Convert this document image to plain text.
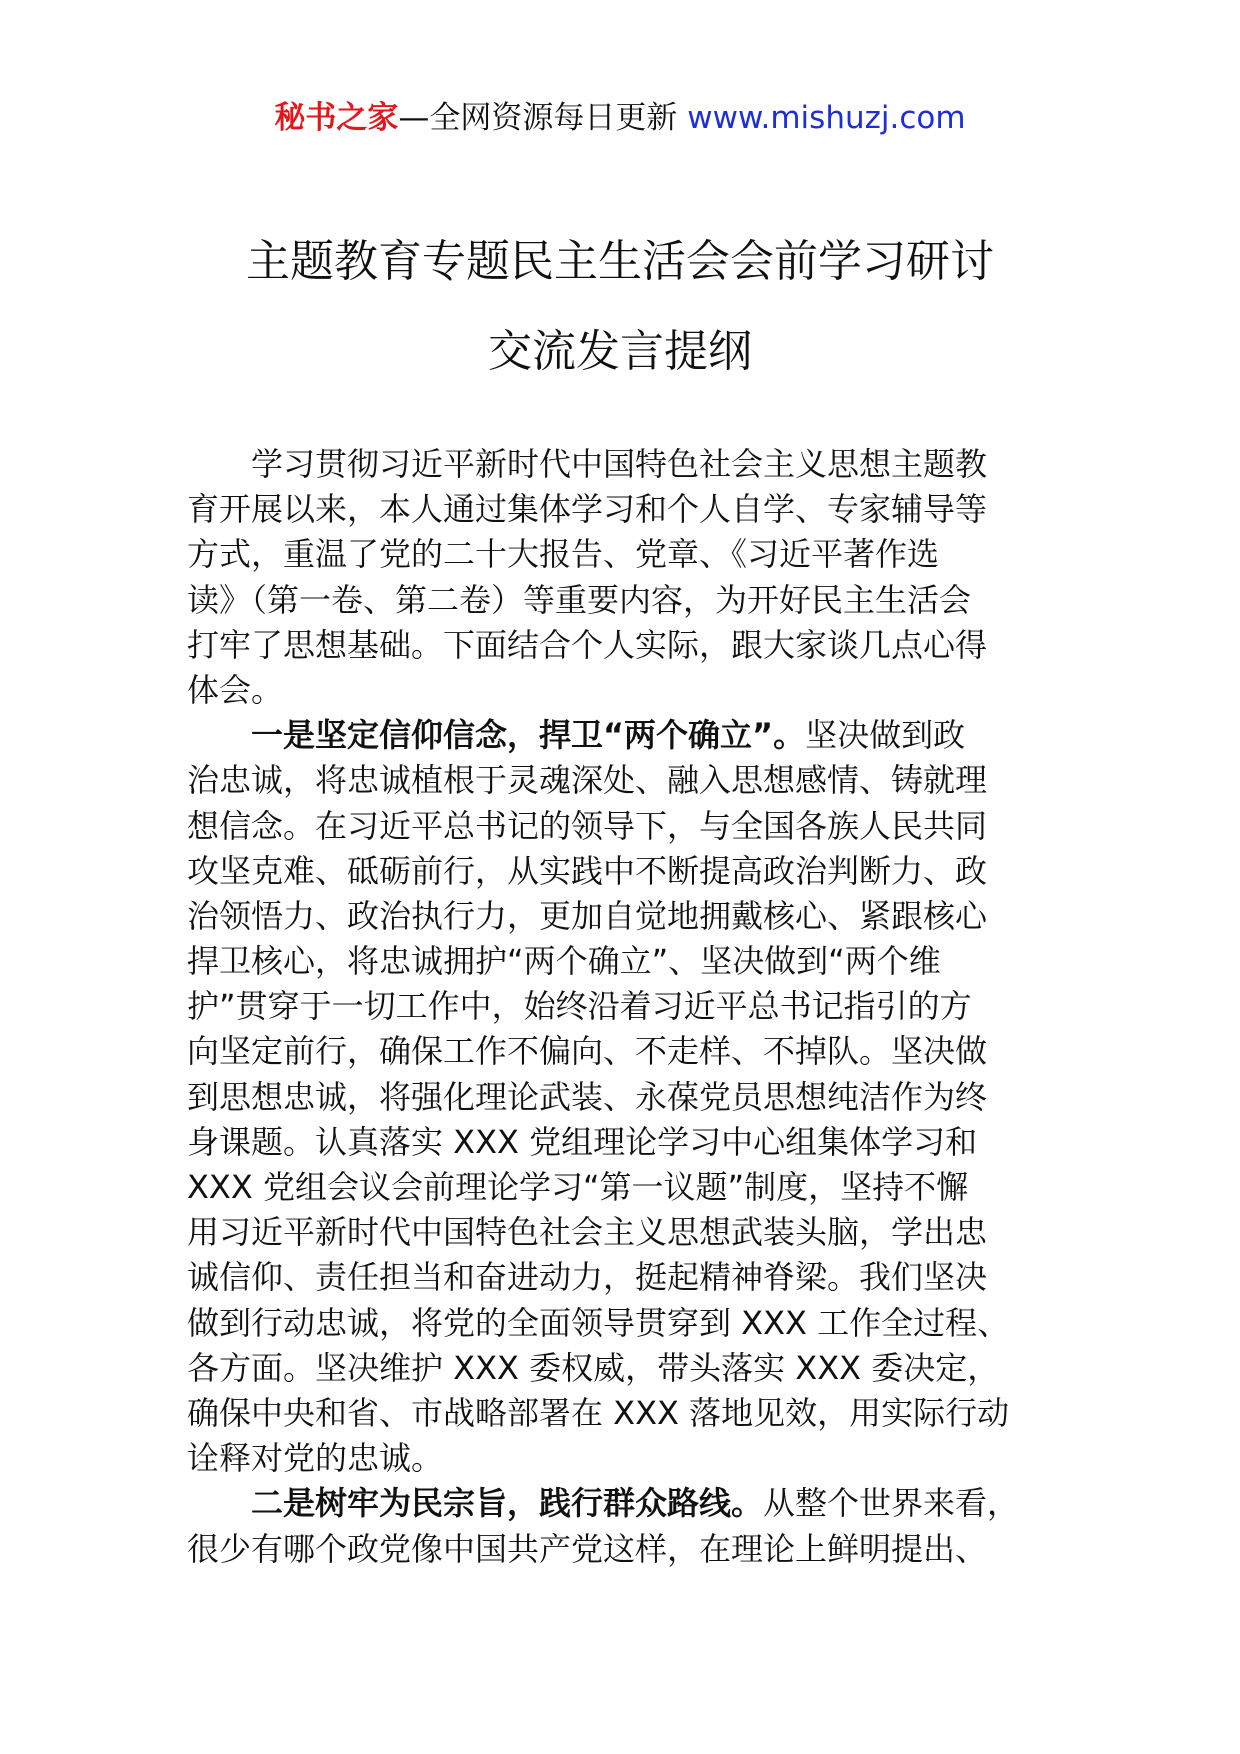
秘书之家—全网资源每日更新 www.mishuzj.com
主题教育专题民主生活会会前学习研讨
交流发言提纲
学习贯彻习近平新时代中国特色社会主义思想主题教
育开展以来，本人通过集体学习和个人自学、专家辅导等
方式，重温了党的二十大报告、党章、《习近平著作选
读》（第一卷、第二卷）等重要内容，为开好民主生活会
打牢了思想基础。下面结合个人实际，跟大家谈几点心得
体会。
一是坚定信仰信念，捍卫“两个确立”。坚决做到政
治忠诚，将忠诚植根于灵魂深处、融入思想感情、铸就理
想信念。在习近平总书记的领导下，与全国各族人民共同
攻坚克难、砥砺前行，从实践中不断提高政治判断力、政
治领悟力、政治执行力，更加自觉地拥戴核心、紧跟核心
捍卫核心，将忠诚拥护“两个确立”、坚决做到“两个维
护”贯穿于一切工作中，始终沿着习近平总书记指引的方
向坚定前行，确保工作不偏向、不走样、不掉队。坚决做
到思想忠诚，将强化理论武装、永葆党员思想纯洁作为终
身课题。认真落实 XXX 党组理论学习中心组集体学习和
XXX 党组会议会前理论学习“第一议题”制度，坚持不懈
用习近平新时代中国特色社会主义思想武装头脑，学出忠
诚信仰、责任担当和奋进动力，挺起精神脊梁。我们坚决
做到行动忠诚，将党的全面领导贯穿到 XXX 工作全过程、
各方面。坚决维护 XXX 委权威，带头落实 XXX 委决定，
确保中央和省、市战略部署在 XXX 落地见效，用实际行动
诠释对党的忠诚。
二是树牢为民宗旨，践行群众路线。从整个世界来看，
很少有哪个政党像中国共产党这样，在理论上鲜明提出、
